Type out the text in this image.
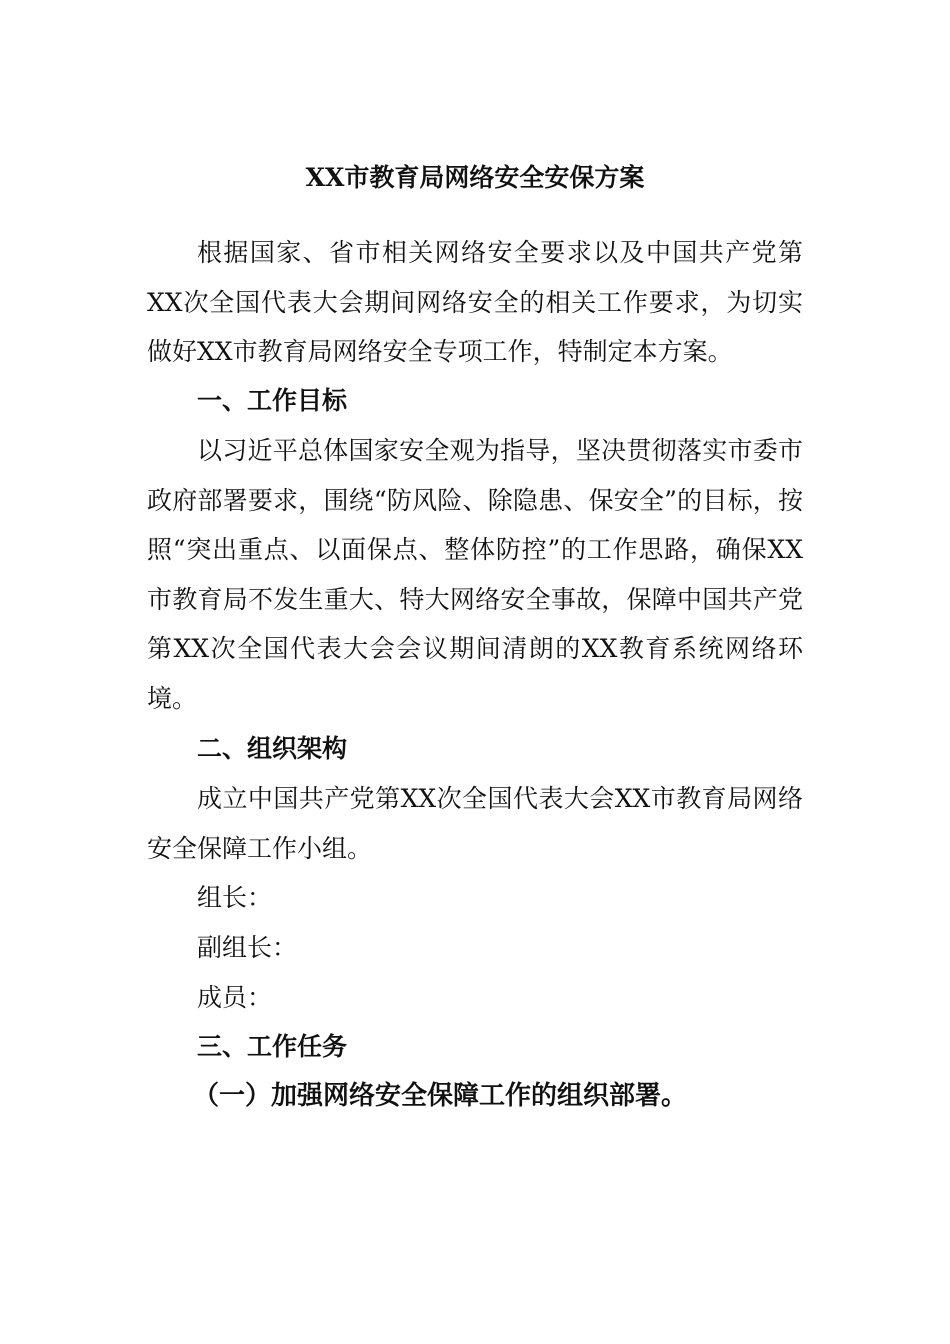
XX市教育局网络安全安保方案
根据国家、省市相关网络安全要求以及中国共产党第XX次全国代表大会期间网络安全的相关工作要求，为切实做好XX市教育局网络安全专项工作，特制定本方案。
一、工作目标
以习近平总体国家安全观为指导，坚决贯彻落实市委市政府部署要求，围绕“防风险、除隐患、保安全”的目标，按照“突出重点、以面保点、整体防控”的工作思路，确保XX市教育局不发生重大、特大网络安全事故，保障中国共产党第XX次全国代表大会会议期间清朗的XX教育系统网络环境。
二、组织架构
成立中国共产党第XX次全国代表大会XX市教育局网络安全保障工作小组。
组长：
副组长：
成员：
三、工作任务
（一）加强网络安全保障工作的组织部署。
